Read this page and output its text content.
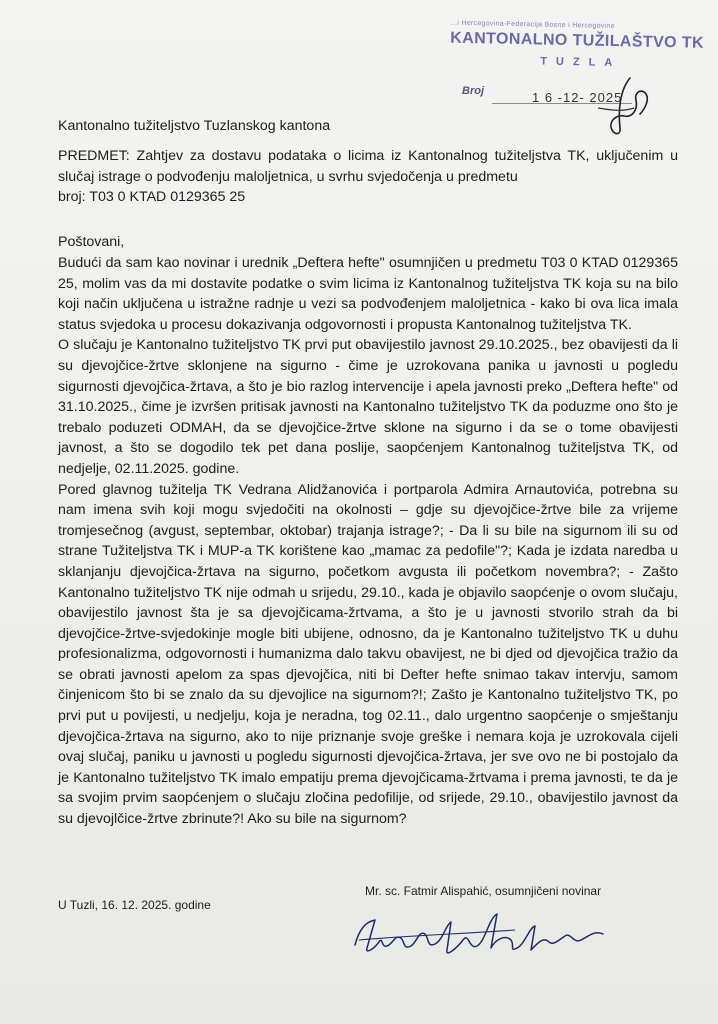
...i Hercegovina-Federacija Bosne i Hercegovine
KANTONALNO TUŽILAŠTVO TK
TUZLA
Broj	1 6 -12- 2025
Kantonalno tužiteljstvo Tuzlanskog kantona
PREDMET: Zahtjev za dostavu podataka o licima iz Kantonalnog tužiteljstva TK, uključenim u slučaj istrage o podvođenju maloljetnica, u svrhu svjedočenja u predmetu
broj: T03 0 KTAD 0129365 25
Poštovani,

Budući da sam kao novinar i urednik „Deftera hefte" osumnjičen u predmetu T03 0 KTAD 0129365 25, molim vas da mi dostavite podatke o svim licima iz Kantonalnog tužiteljstva TK koja su na bilo koji način uključena u istražne radnje u vezi sa podvođenjem maloljetnica - kako bi ova lica imala status svjedoka u procesu dokazivanja odgovornosti i propusta Kantonalnog tužiteljstva TK.

O slučaju je Kantonalno tužiteljstvo TK prvi put obavijestilo javnost 29.10.2025., bez obavijesti da li su djevojčice-žrtve sklonjene na sigurno - čime je uzrokovana panika u javnosti u pogledu sigurnosti djevojčica-žrtava, a što je bio razlog intervencije i apela javnosti preko „Deftera hefte" od 31.10.2025., čime je izvršen pritisak javnosti na Kantonalno tužiteljstvo TK da poduzme ono što je trebalo poduzeti ODMAH, da se djevojčice-žrtve sklone na sigurno i da se o tome obavijesti javnost, a što se dogodilo tek pet dana poslije, saopćenjem Kantonalnog tužiteljstva TK, od nedjelje, 02.11.2025. godine.

Pored glavnog tužitelja TK Vedrana Alidžanovića i portparola Admira Arnautovića, potrebna su nam imena svih koji mogu svjedočiti na okolnosti – gdje su djevojčice-žrtve bile za vrijeme tromjesečnog (avgust, septembar, oktobar) trajanja istrage?; - Da li su bile na sigurnom ili su od strane Tužiteljstva TK i MUP-a TK korištene kao „mamac za pedofile"?; Kada je izdata naredba u sklanjanju djevojčica-žrtava na sigurno, početkom avgusta ili početkom novembra?; - Zašto Kantonalno tužiteljstvo TK nije odmah u srijedu, 29.10., kada je objavilo saopćenje o ovom slučaju, obavijestilo javnost šta je sa djevojčicama-žrtvama, a što je u javnosti stvorilo strah da bi djevojčice-žrtve-svjedokinje mogle biti ubijene, odnosno, da je Kantonalno tužiteljstvo TK u duhu profesionalizma, odgovornosti i humanizma dalo takvu obavijest, ne bi djed od djevojčica tražio da se obrati javnosti apelom za spas djevojčica, niti bi Defter hefte snimao takav intervju, samom činjenicom što bi se znalo da su djevojlice na sigurnom?!; Zašto je Kantonalno tužiteljstvo TK, po prvi put u povijesti, u nedjelju, koja je neradna, tog 02.11., dalo urgentno saopćenje o smještanju djevojčica-žrtava na sigurno, ako to nije priznanje svoje greške i nemara koja je uzrokovala cijeli ovaj slučaj, paniku u javnosti u pogledu sigurnosti djevojčica-žrtava, jer sve ovo ne bi postojalo da je Kantonalno tužiteljstvo TK imalo empatiju prema djevojčicama-žrtvama i prema javnosti, te da je sa svojim prvim saopćenjem o slučaju zločina pedofilije, od srijede, 29.10., obavijestilo javnost da su djevojlčice-žrtve zbrinute?! Ako su bile na sigurnom?

Mr. sc. Fatmir Alispahić, osumnjičeni novinar
U Tuzli, 16. 12. 2025. godine
